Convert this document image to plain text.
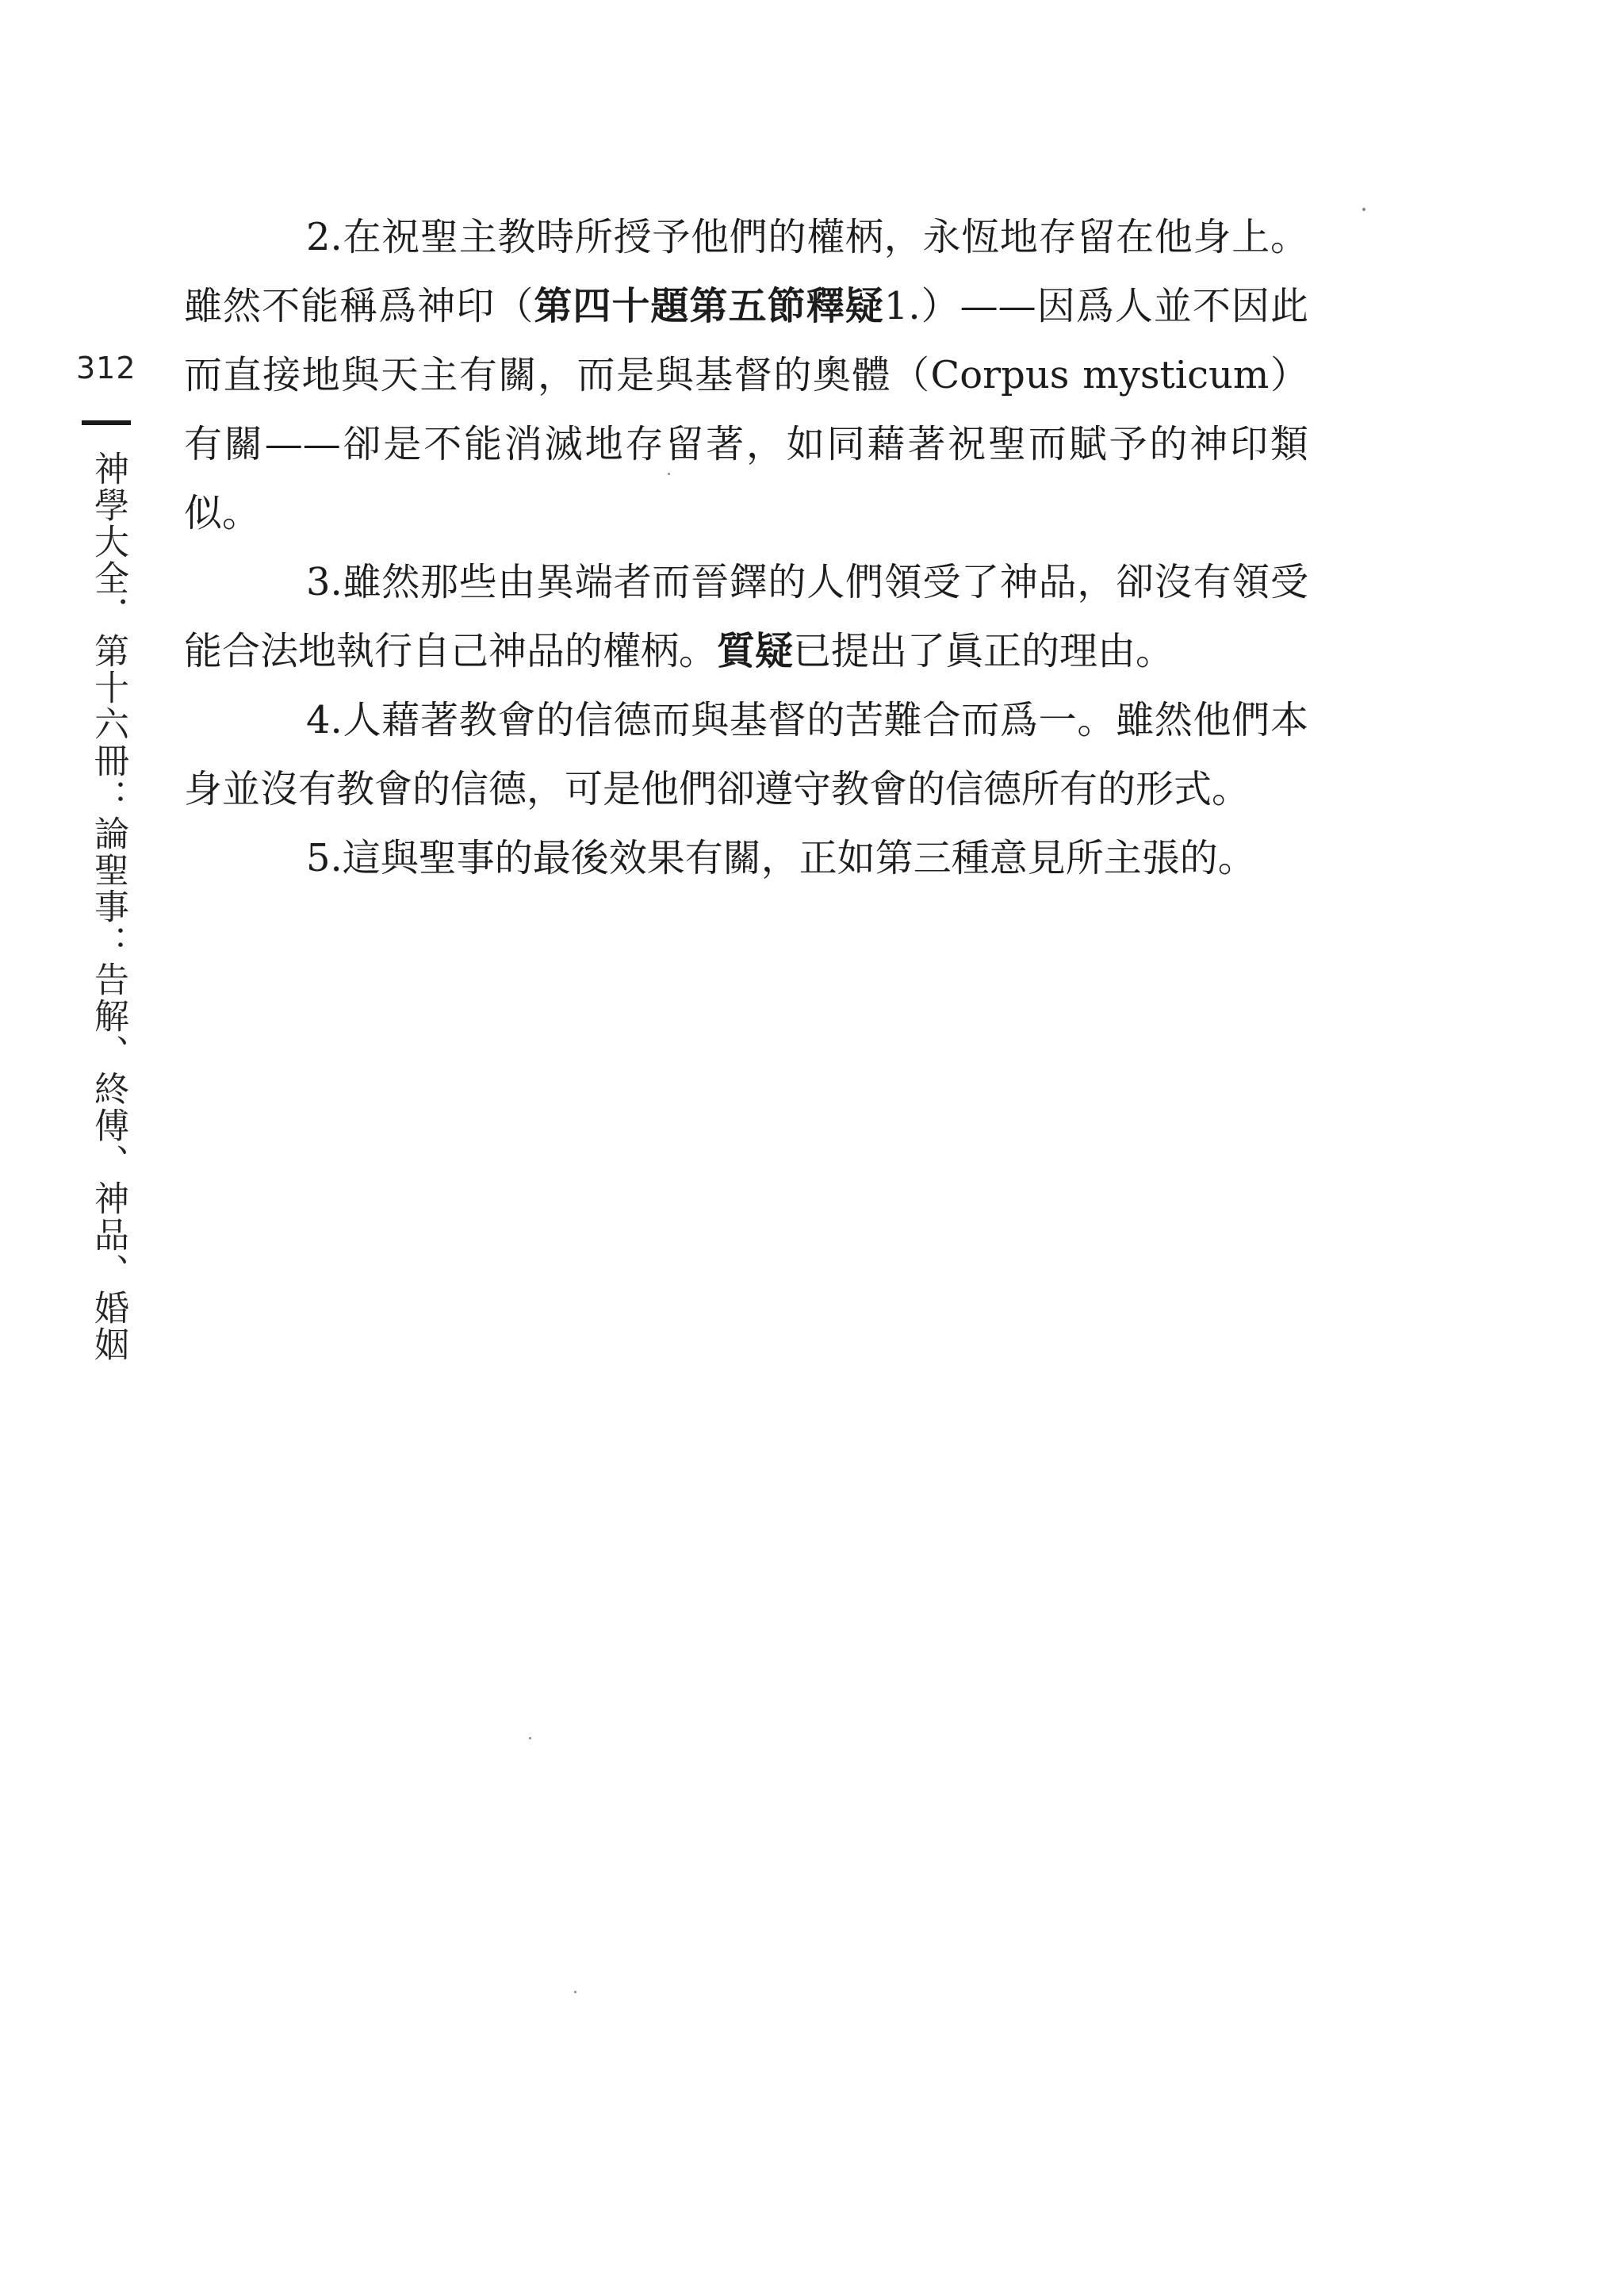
312
神學大全．第十六冊：論聖事：告解、終傅、神品、婚姻

2.在祝聖主教時所授予他們的權柄，永恆地存留在他身上。雖然不能稱爲神印（第四十題第五節釋疑1.）——因爲人並不因此而直接地與天主有關，而是與基督的奧體（Corpus mysticum）有關——卻是不能消滅地存留著，如同藉著祝聖而賦予的神印類似。

3.雖然那些由異端者而晉鐸的人們領受了神品，卻沒有領受能合法地執行自己神品的權柄。質疑已提出了眞正的理由。

4.人藉著教會的信德而與基督的苦難合而爲一。雖然他們本身並沒有教會的信德，可是他們卻遵守教會的信德所有的形式。

5.這與聖事的最後效果有關，正如第三種意見所主張的。
